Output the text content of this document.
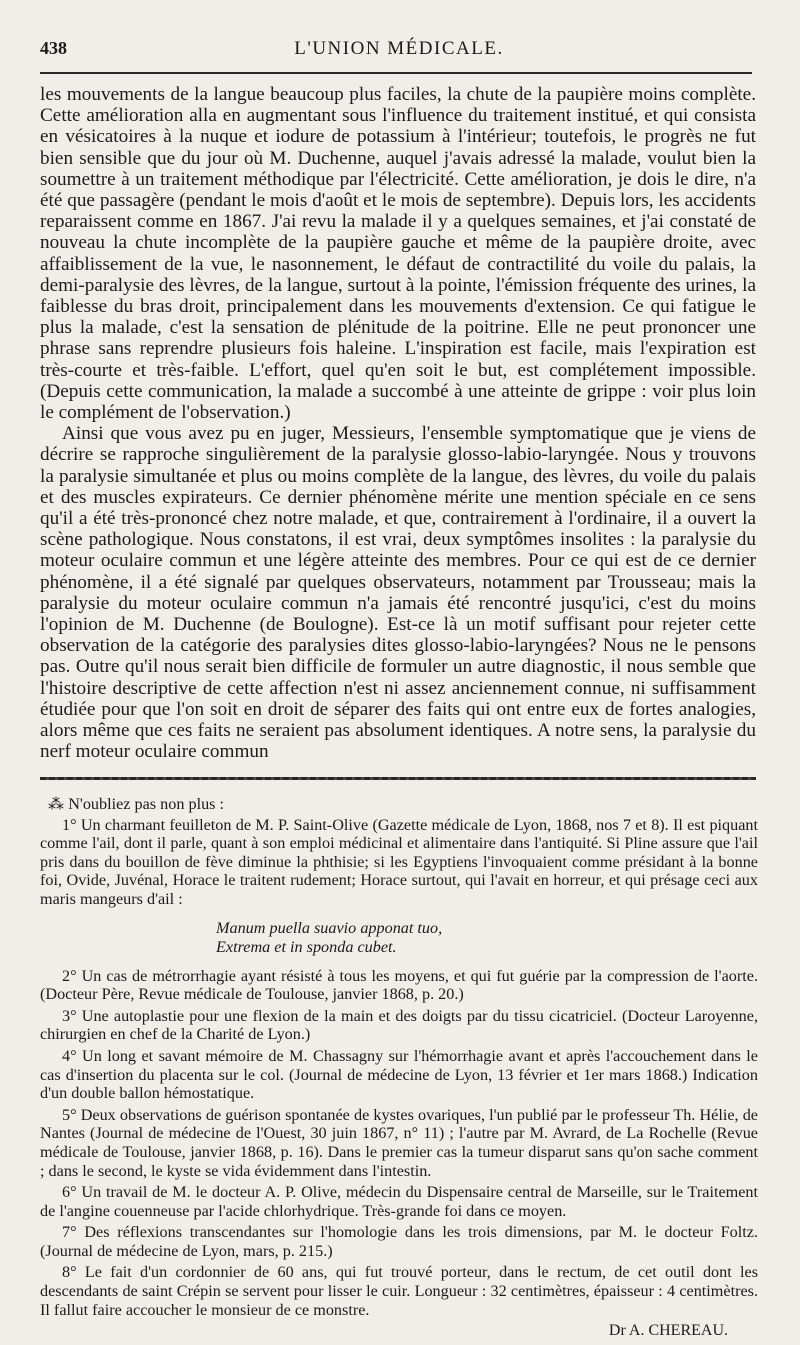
438	L'UNION MÉDICALE.

les mouvements de la langue beaucoup plus faciles, la chute de la paupière moins complète. Cette amélioration alla en augmentant sous l'influence du traitement institué, et qui consista en vésicatoires à la nuque et iodure de potassium à l'intérieur; toutefois, le progrès ne fut bien sensible que du jour où M. Duchenne, auquel j'avais adressé la malade, voulut bien la soumettre à un traitement méthodique par l'électricité. Cette amélioration, je dois le dire, n'a été que passagère (pendant le mois d'août et le mois de septembre). Depuis lors, les accidents reparaissent comme en 1867. J'ai revu la malade il y a quelques semaines, et j'ai constaté de nouveau la chute incomplète de la paupière gauche et même de la paupière droite, avec affaiblissement de la vue, le nasonnement, le défaut de contractilité du voile du palais, la demi-paralysie des lèvres, de la langue, surtout à la pointe, l'émission fréquente des urines, la faiblesse du bras droit, principalement dans les mouvements d'extension. Ce qui fatigue le plus la malade, c'est la sensation de plénitude de la poitrine. Elle ne peut prononcer une phrase sans reprendre plusieurs fois haleine. L'inspiration est facile, mais l'expiration est très-courte et très-faible. L'effort, quel qu'en soit le but, est complétement impossible. (Depuis cette communication, la malade a succombé à une atteinte de grippe : voir plus loin le complément de l'observation.)

Ainsi que vous avez pu en juger, Messieurs, l'ensemble symptomatique que je viens de décrire se rapproche singulièrement de la paralysie glosso-labio-laryngée. Nous y trouvons la paralysie simultanée et plus ou moins complète de la langue, des lèvres, du voile du palais et des muscles expirateurs. Ce dernier phénomène mérite une mention spéciale en ce sens qu'il a été très-prononcé chez notre malade, et que, contrairement à l'ordinaire, il a ouvert la scène pathologique. Nous constatons, il est vrai, deux symptômes insolites : la paralysie du moteur oculaire commun et une légère atteinte des membres. Pour ce qui est de ce dernier phénomène, il a été signalé par quelques observateurs, notamment par Trousseau; mais la paralysie du moteur oculaire commun n'a jamais été rencontré jusqu'ici, c'est du moins l'opinion de M. Duchenne (de Boulogne). Est-ce là un motif suffisant pour rejeter cette observation de la catégorie des paralysies dites glosso-labio-laryngées? Nous ne le pensons pas. Outre qu'il nous serait bien difficile de formuler un autre diagnostic, il nous semble que l'histoire descriptive de cette affection n'est ni assez anciennement connue, ni suffisamment étudiée pour que l'on soit en droit de séparer des faits qui ont entre eux de fortes analogies, alors même que ces faits ne seraient pas absolument identiques. A notre sens, la paralysie du nerf moteur oculaire commun

⁂ N'oubliez pas non plus :

1° Un charmant feuilleton de M. P. Saint-Olive (Gazette médicale de Lyon, 1868, nos 7 et 8). Il est piquant comme l'ail, dont il parle, quant à son emploi médicinal et alimentaire dans l'antiquité. Si Pline assure que l'ail pris dans du bouillon de fève diminue la phthisie; si les Egyptiens l'invoquaient comme présidant à la bonne foi, Ovide, Juvénal, Horace le traitent rudement; Horace surtout, qui l'avait en horreur, et qui présage ceci aux maris mangeurs d'ail :

Manum puella suavio apponat tuo,
Extrema et in sponda cubet.

2° Un cas de métrorrhagie ayant résisté à tous les moyens, et qui fut guérie par la compression de l'aorte. (Docteur Père, Revue médicale de Toulouse, janvier 1868, p. 20.)

3° Une autoplastie pour une flexion de la main et des doigts par du tissu cicatriciel. (Docteur Laroyenne, chirurgien en chef de la Charité de Lyon.)

4° Un long et savant mémoire de M. Chassagny sur l'hémorrhagie avant et après l'accouchement dans le cas d'insertion du placenta sur le col. (Journal de médecine de Lyon, 13 février et 1er mars 1868.) Indication d'un double ballon hémostatique.

5° Deux observations de guérison spontanée de kystes ovariques, l'un publié par le professeur Th. Hélie, de Nantes (Journal de médecine de l'Ouest, 30 juin 1867, n° 11) ; l'autre par M. Avrard, de La Rochelle (Revue médicale de Toulouse, janvier 1868, p. 16). Dans le premier cas la tumeur disparut sans qu'on sache comment ; dans le second, le kyste se vida évidemment dans l'intestin.

6° Un travail de M. le docteur A. P. Olive, médecin du Dispensaire central de Marseille, sur le Traitement de l'angine couenneuse par l'acide chlorhydrique. Très-grande foi dans ce moyen.

7° Des réflexions transcendantes sur l'homologie dans les trois dimensions, par M. le docteur Foltz. (Journal de médecine de Lyon, mars, p. 215.)

8° Le fait d'un cordonnier de 60 ans, qui fut trouvé porteur, dans le rectum, de cet outil dont les descendants de saint Crépin se servent pour lisser le cuir. Longueur : 32 centimètres, épaisseur : 4 centimètres. Il fallut faire accoucher le monsieur de ce monstre.

Dr A. CHEREAU.
